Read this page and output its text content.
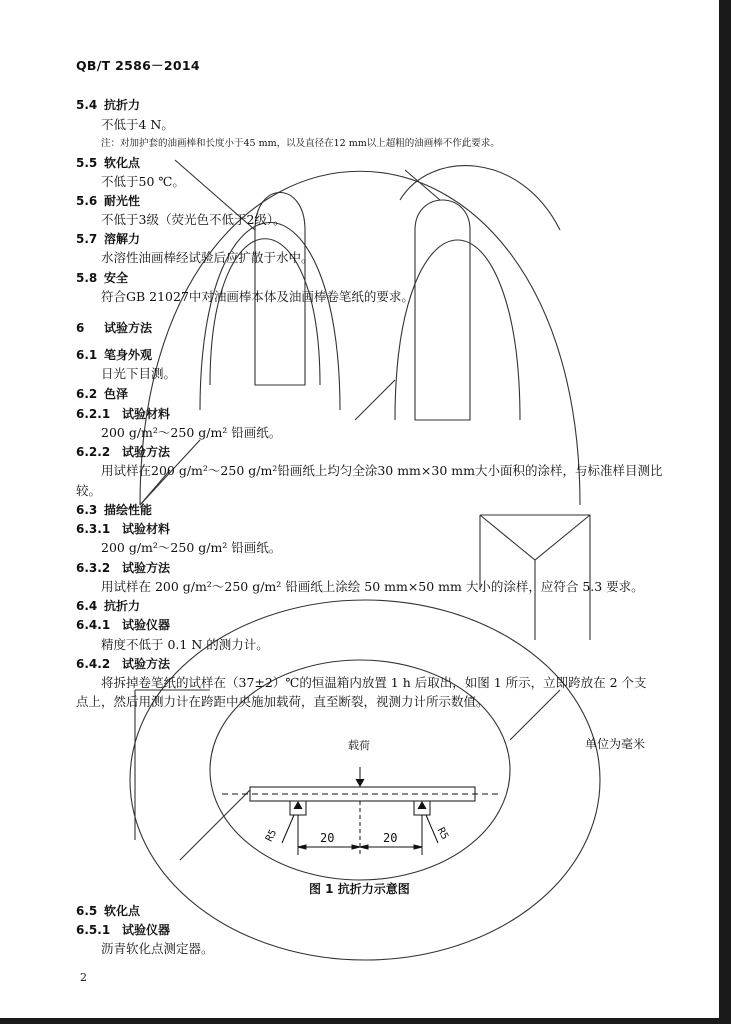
QB/T 2586－2014
5.4 抗折力
不低于4 N。
注：对加护套的油画棒和长度小于45 mm，以及直径在12 mm以上超粗的油画棒不作此要求。
5.5 软化点
不低于50 ℃。
5.6 耐光性
不低于3级（荧光色不低于2级）。
5.7 溶解力
水溶性油画棒经试验后应扩散于水中。
5.8 安全
符合GB 21027中对油画棒本体及油画棒卷笔纸的要求。
6 试验方法
6.1 笔身外观
日光下目测。
6.2 色泽
6.2.1 试验材料
200 g/m²～250 g/m² 铅画纸。
6.2.2 试验方法
用试样在200 g/m²～250 g/m²铅画纸上均匀全涂30 mm×30 mm大小面积的涂样，与标准样目测比
较。
6.3 描绘性能
6.3.1 试验材料
200 g/m²～250 g/m² 铅画纸。
6.3.2 试验方法
用试样在 200 g/m²～250 g/m² 铅画纸上涂绘 50 mm×50 mm 大小的涂样，应符合 5.3 要求。
6.4 抗折力
6.4.1 试验仪器
精度不低于 0.1 N 的测力计。
6.4.2 试验方法
将拆掉卷笔纸的试样在（37±2）℃的恒温箱内放置 1 h 后取出，如图 1 所示，立即跨放在 2 个支
点上，然后用测力计在跨距中央施加载荷，直至断裂，视测力计所示数值。
6.5 软化点
6.5.1 试验仪器
沥青软化点测定器。
单位为毫米
载荷
20	20
R5	R5
图 1 抗折力示意图
2
